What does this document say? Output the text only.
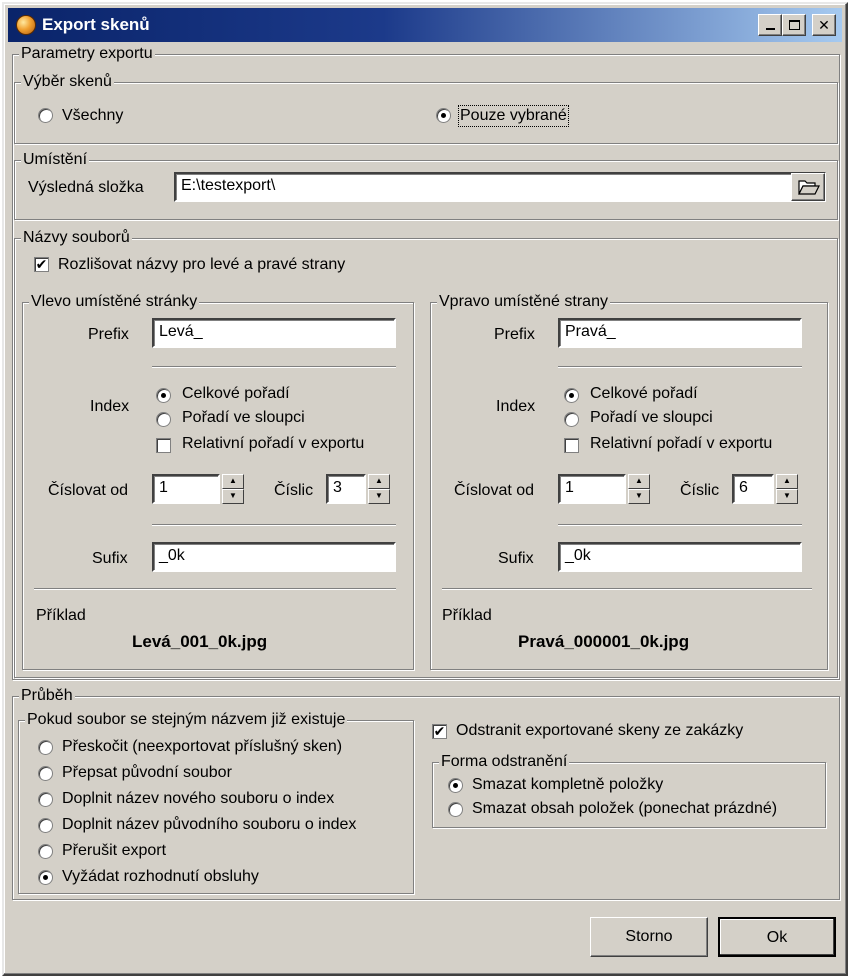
Export skenů	✕
Parametry exportu
Výběr skenů
Všechny	Pouze vybrané
Umístění
Výsledná složka	E:\testexport\
Názvy souborů
✔ Rozlišovat názvy pro levé a pravé strany
Vlevo umístěné stránky
Prefix	Levá_
Index
Celkové pořadí
Pořadí ve sloupci
Relativní pořadí v exportu
Číslovat od	1	▲
▼	Číslic	3	▲
▼
Sufix	_0k
Příklad
Levá_001_0k.jpg
Vpravo umístěné strany
Prefix	Pravá_
Index
Celkové pořadí
Pořadí ve sloupci
Relativní pořadí v exportu
Číslovat od	1	▲
▼	Číslic	6	▲
▼
Sufix	_0k
Příklad
Pravá_000001_0k.jpg
Průběh
Pokud soubor se stejným názvem již existuje
Přeskočit (neexportovat příslušný sken)
Přepsat původní soubor
Doplnit název nového souboru o index
Doplnit název původního souboru o index
Přerušit export
Vyžádat rozhodnutí obsluhy
✔ Odstranit exportované skeny ze zakázky
Forma odstranění
Smazat kompletně položky
Smazat obsah položek (ponechat prázdné)
Storno	Ok
